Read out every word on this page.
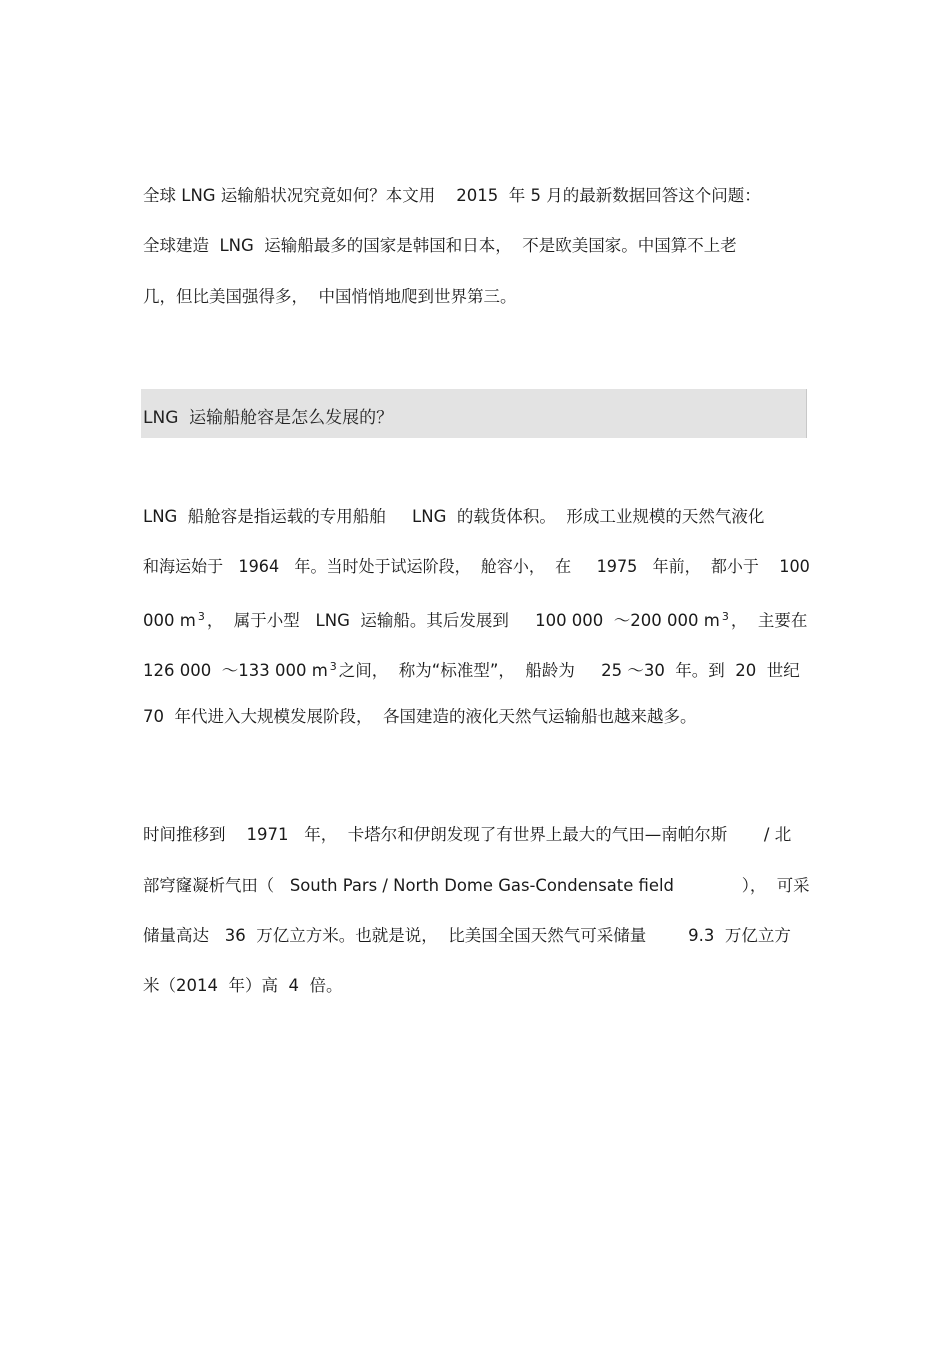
全球 LNG 运输船状况究竟如何？本文用    2015  年 5 月的最新数据回答这个问题：
全球建造  LNG  运输船最多的国家是韩国和日本，  不是欧美国家。中国算不上老
几，但比美国强得多，  中国悄悄地爬到世界第三。
LNG  运输船舱容是怎么发展的？
LNG  船舱容是指运载的专用船舶     LNG  的载货体积。  形成工业规模的天然气液化
和海运始于   1964   年。当时处于试运阶段，  舱容小，  在     1975   年前，  都小于    100
000 m $^3$ ，  属于小型   LNG  运输船。其后发展到     100 000  ～200 000 m $^3$ ，  主要在
126 000  ～133 000 m $^3$ 之间，  称为“标准型”，  船龄为     25 ～30  年。到  20  世纪
70  年代进入大规模发展阶段，  各国建造的液化天然气运输船也越来越多。
时间推移到    1971   年，  卡塔尔和伊朗发现了有世界上最大的气田—南帕尔斯       / 北
部穹窿凝析气田（   South Pars / North Dome Gas-Condensate field             ），  可采
储量高达   36  万亿立方米。也就是说，  比美国全国天然气可采储量        9.3  万亿立方
米（2014  年）高  4  倍。
